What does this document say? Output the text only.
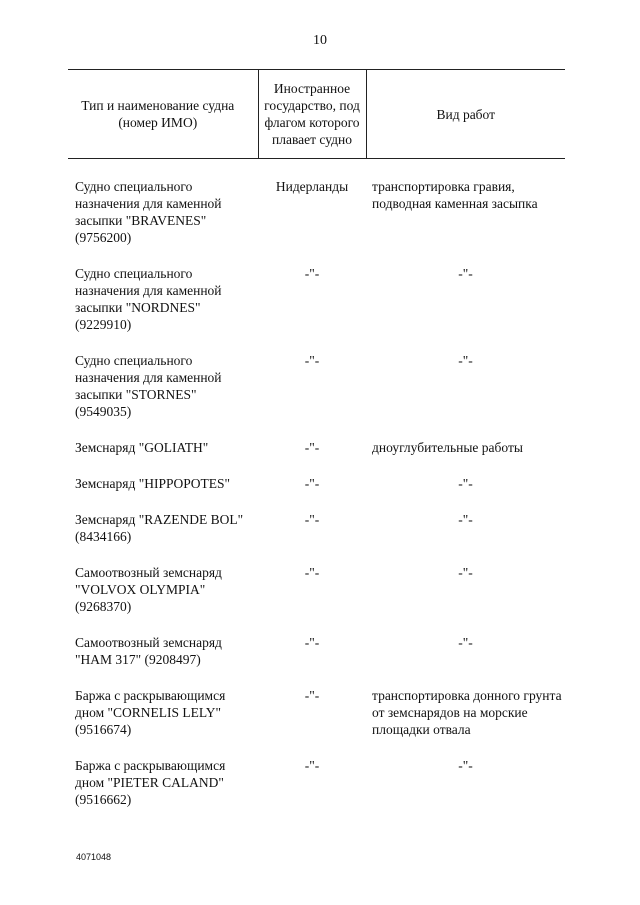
10
Тип и наименование судна (номер ИМО)	Иностранное государство, под флагом которого плавает судно	Вид работ

Судно специального назначения для каменной засыпки "BRAVENES" (9756200)	Нидерланды	транспортировка гравия, подводная каменная засыпка

Судно специального назначения для каменной засыпки "NORDNES" (9229910)	-"-	-"-

Судно специального назначения для каменной засыпки "STORNES" (9549035)	-"-	-"-

Земснаряд "GOLIATH"	-"-	дноуглубительные работы

Земснаряд "HIPPOPOTES"	-"-	-"-

Земснаряд "RAZENDE BOL" (8434166)	-"-	-"-

Самоотвозный земснаряд "VOLVOX OLYMPIA" (9268370)	-"-	-"-

Самоотвозный земснаряд "HAM 317" (9208497)	-"-	-"-

Баржа с раскрывающимся дном "CORNELIS LELY" (9516674)	-"-	транспортировка донного грунта от земснарядов на морские площадки отвала

Баржа с раскрывающимся дном "PIETER CALAND" (9516662)	-"-	-"-
4071048
